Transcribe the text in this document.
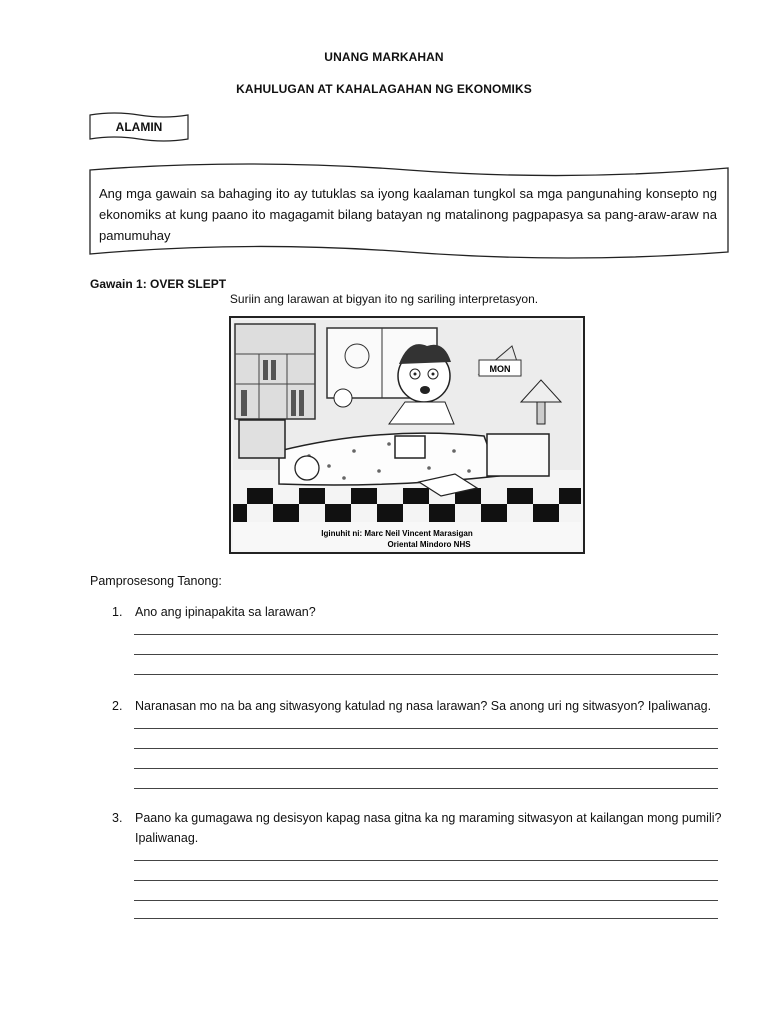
UNANG MARKAHAN
KAHULUGAN AT KAHALAGAHAN NG EKONOMIKS
ALAMIN

Ang mga gawain sa bahaging ito ay tutuklas sa iyong kaalaman tungkol sa mga pangunahing konsepto ng ekonomiks at kung paano ito magagamit bilang batayan ng matalinong pagpapasya sa pang-araw-araw na pamumuhay

Gawain 1: OVER SLEPT
Suriin ang larawan at bigyan ito ng sariling interpretasyon.
MON
Iginuhit ni: Marc Neil Vincent Marasigan
Oriental Mindoro NHS
Pamprosesong Tanong:
1. Ano ang ipinapakita sa larawan?
2. Naranasan mo na ba ang sitwasyong katulad ng nasa larawan? Sa anong uri ng sitwasyon? Ipaliwanag.
3. Paano ka gumagawa ng desisyon kapag nasa gitna ka ng maraming sitwasyon at kailangan mong pumili? Ipaliwanag.
